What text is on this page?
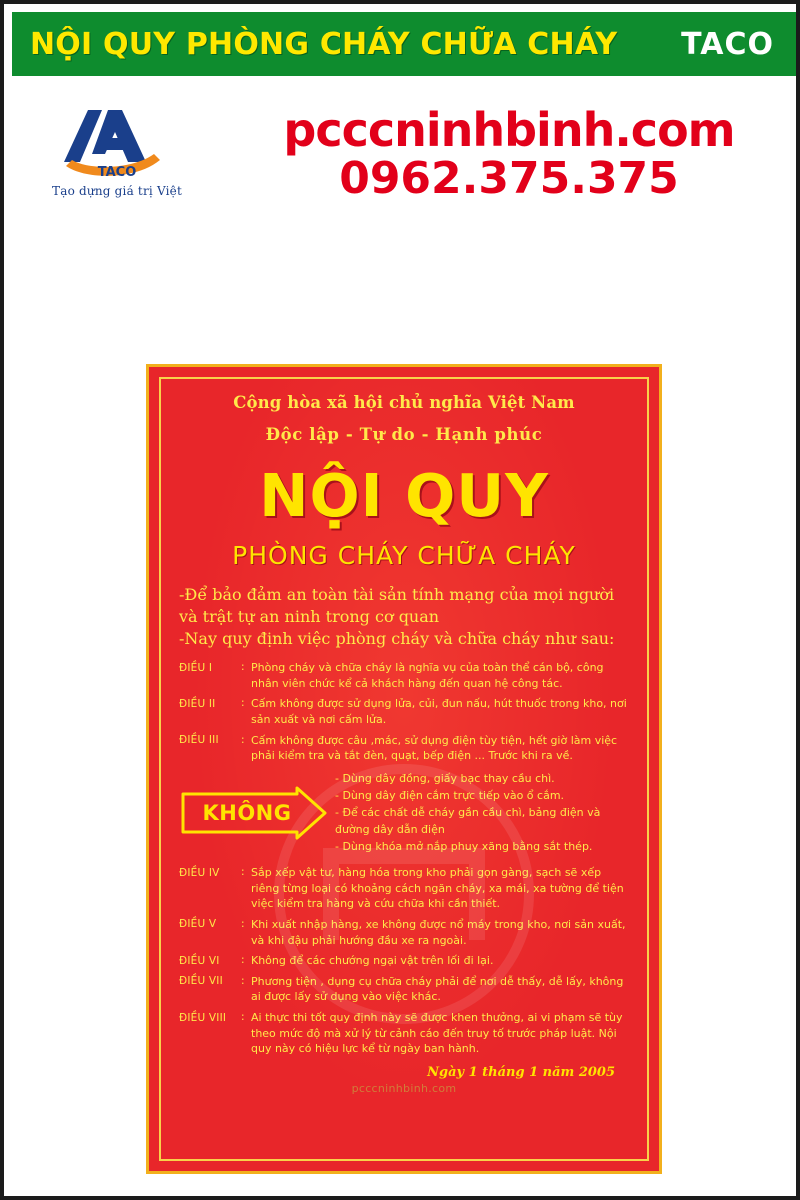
NỘI QUY PHÒNG CHÁY CHỮA CHÁY TACO
TACO
Tạo dựng giá trị Việt
pcccninhbinh.com
0962.375.375
Cộng hòa xã hội chủ nghĩa Việt Nam
Độc lập - Tự do - Hạnh phúc
NỘI QUY
PHÒNG CHÁY CHỮA CHÁY
-Để bảo đảm an toàn tài sản tính mạng của mọi người
và trật tự an ninh trong cơ quan
-Nay quy định việc phòng cháy và chữa cháy như sau:
ĐIỀU I	: Phòng cháy và chữa cháy là nghĩa vụ của toàn thể cán bộ, công nhân viên chức kể cả khách hàng đến quan hệ công tác.
ĐIỀU II	: Cấm không được sử dụng lửa, củi, đun nấu, hút thuốc trong kho, nơi sản xuất và nơi cấm lửa.
ĐIỀU III	: Cấm không được câu ,mác, sử dụng điện tùy tiện, hết giờ làm việc phải kiểm tra và tắt đèn, quạt, bếp điện ... Trước khi ra về.
KHÔNG
- Dùng dây đồng, giấy bạc thay cầu chì.
- Dùng dây điện cắm trực tiếp vào ổ cắm.
- Để các chất dễ cháy gần cầu chì, bảng điện và đường dây dẫn điện
- Dùng khóa mở nắp phuy xăng bằng sắt thép.
ĐIỀU IV	: Sắp xếp vật tư, hàng hóa trong kho phải gọn gàng, sạch sẽ xếp riêng từng loại có khoảng cách ngăn cháy, xa mái, xa tường để tiện việc kiểm tra hàng và cứu chữa khi cần thiết.
ĐIỀU V	: Khi xuất nhập hàng, xe không được nổ máy trong kho, nơi sản xuất, và khi đậu phải hướng đầu xe ra ngoài.
ĐIỀU VI	: Không để các chướng ngại vật trên lối đi lại.
ĐIỀU VII	: Phương tiện , dụng cụ chữa cháy phải để nơi dễ thấy, dễ lấy, không ai được lấy sử dụng vào việc khác.
ĐIỀU VIII	: Ai thực thi tốt quy định này sẽ được khen thưởng, ai vi phạm sẽ tùy theo mức độ mà xử lý từ cảnh cáo đến truy tố trước pháp luật. Nội quy này có hiệu lực kể từ ngày ban hành.
Ngày 1 tháng 1 năm 2005
pcccninhbinh.com
